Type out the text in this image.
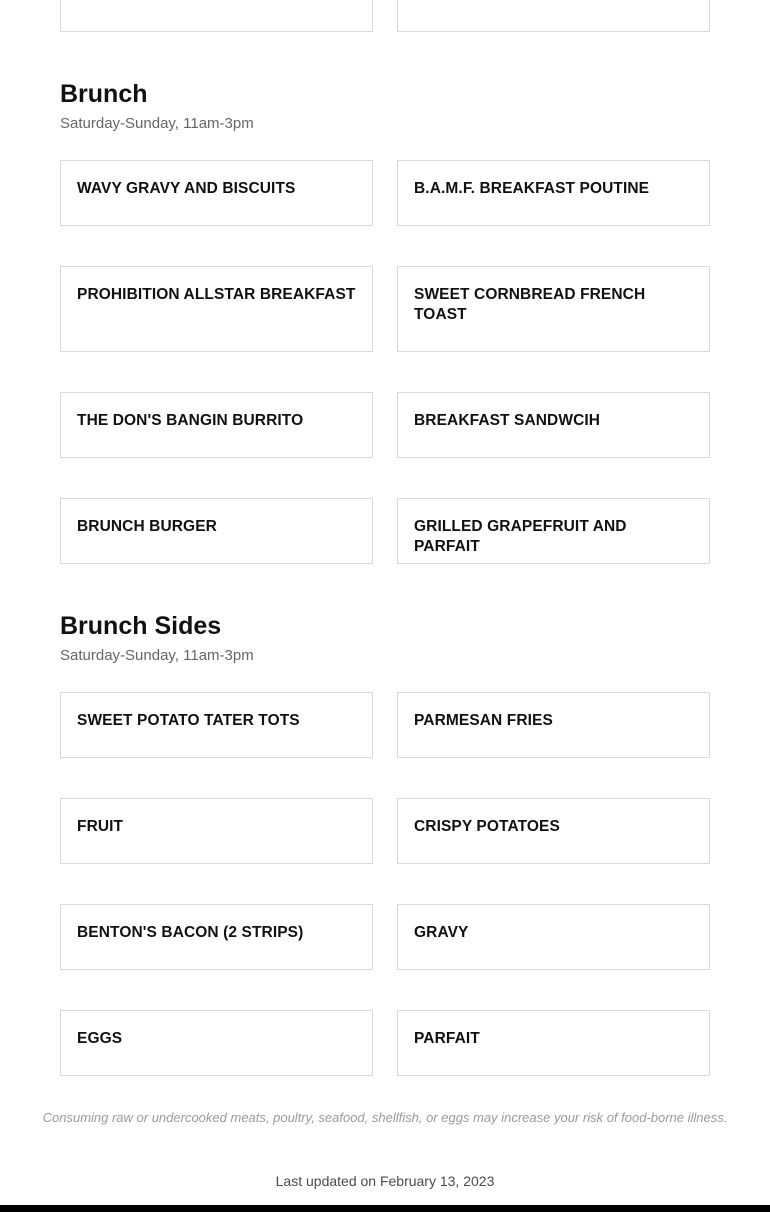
Brunch
Saturday-Sunday, 11am-3pm
WAVY GRAVY AND BISCUITS	B.A.M.F. BREAKFAST POUTINE
PROHIBITION ALLSTAR BREAKFAST	SWEET CORNBREAD FRENCH TOAST
THE DON'S BANGIN BURRITO	BREAKFAST SANDWCIH
BRUNCH BURGER	GRILLED GRAPEFRUIT AND PARFAIT
Brunch Sides
Saturday-Sunday, 11am-3pm
SWEET POTATO TATER TOTS	PARMESAN FRIES
FRUIT	CRISPY POTATOES
BENTON'S BACON (2 STRIPS)	GRAVY
EGGS	PARFAIT
Consuming raw or undercooked meats, poultry, seafood, shellfish, or eggs may increase your risk of food-borne illness.
Last updated on February 13, 2023
